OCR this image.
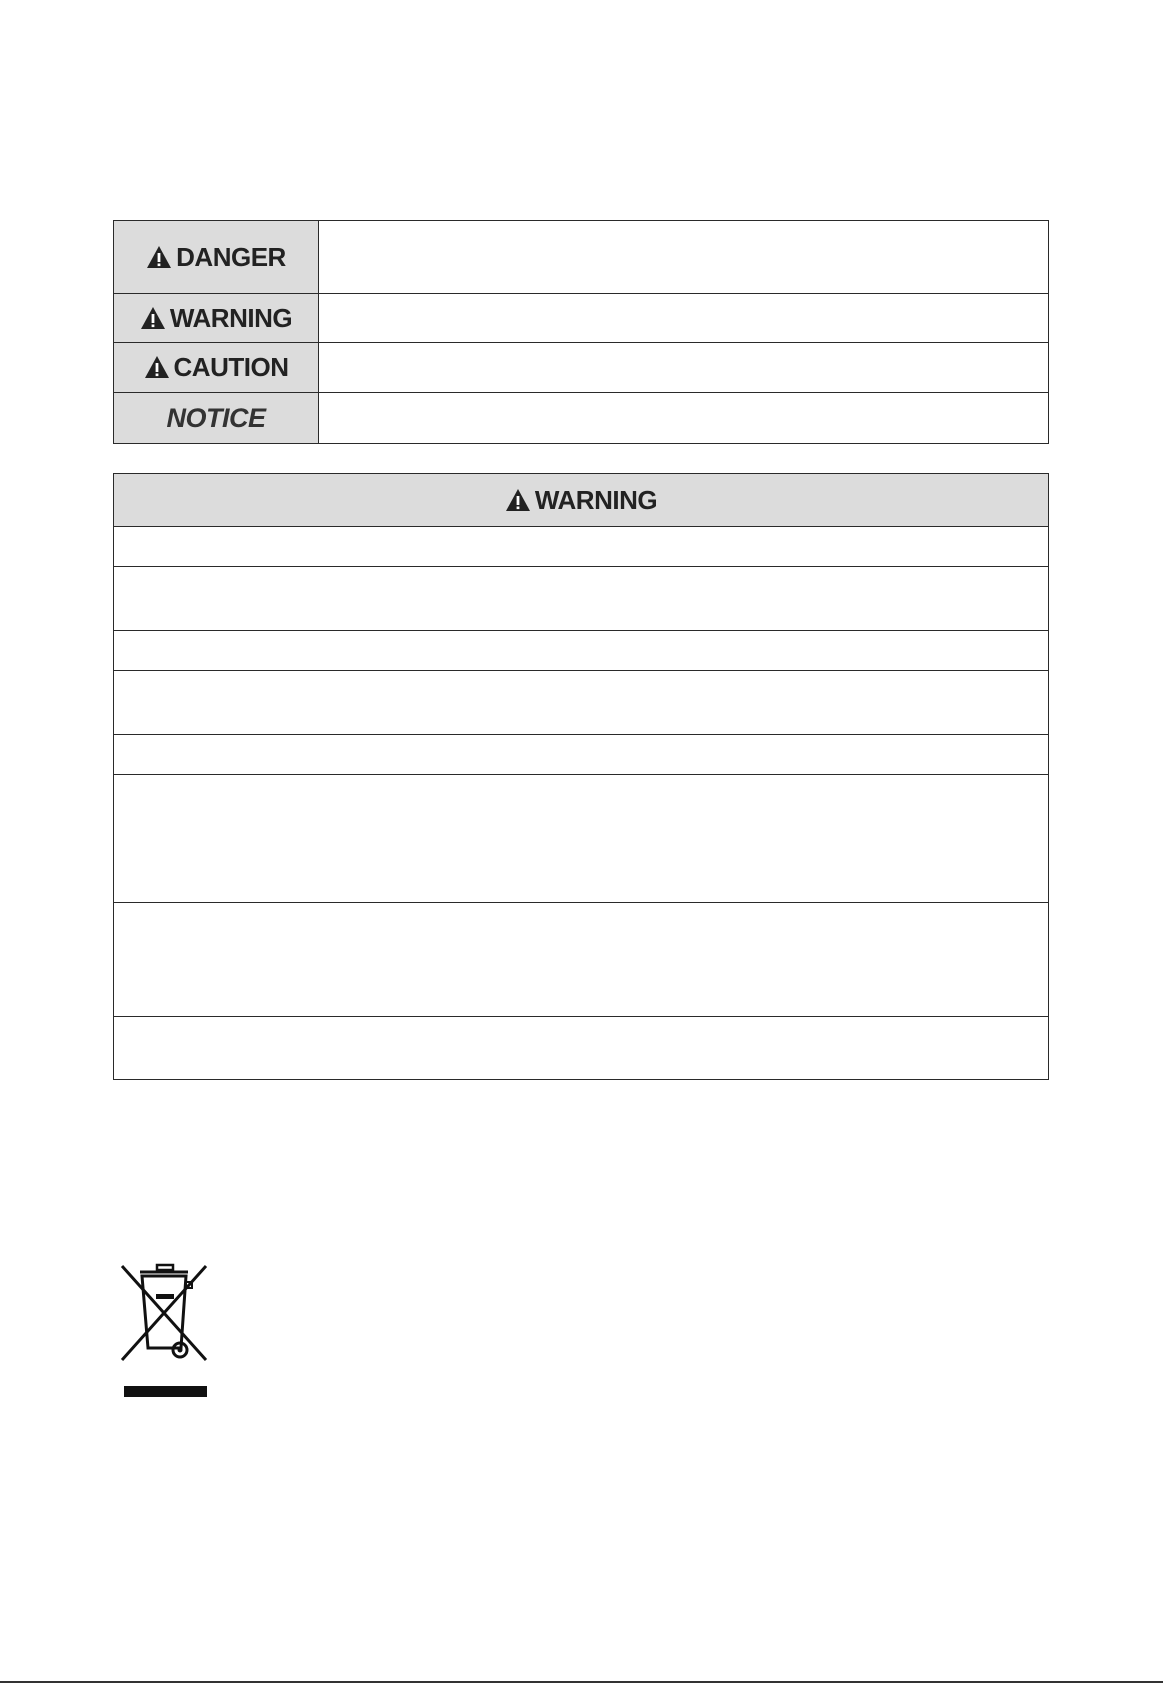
DANGER	
WARNING	
CAUTION	
NOTICE	
WARNING
